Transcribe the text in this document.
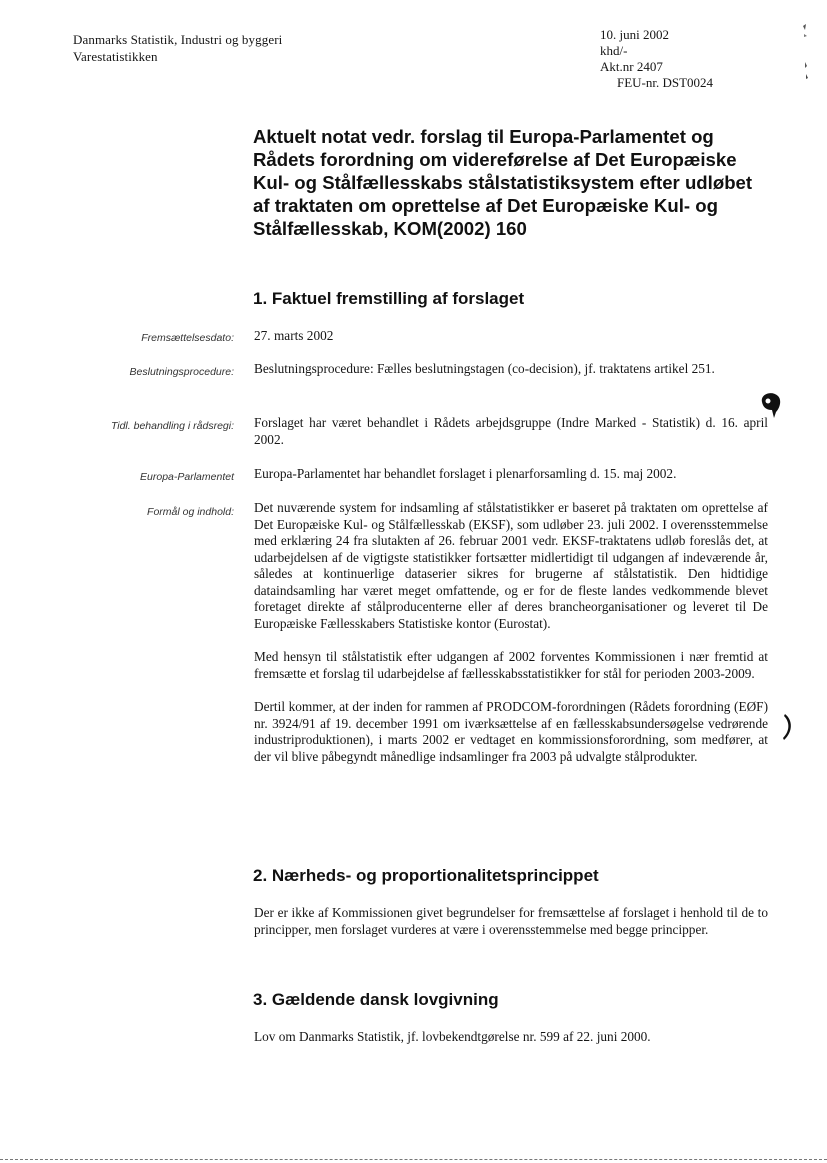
Danmarks Statistik, Industri og byggeri
Varestatistikken
10. juni 2002
khd/-
Akt.nr 2407
FEU-nr. DST0024
Aktuelt notat vedr. forslag til Europa-Parlamentet og Rådets forordning om videreførelse af Det Europæiske Kul- og Stålfællesskabs stålstatistiksystem efter udløbet af traktaten om oprettelse af Det Europæiske Kul- og Stålfællesskab, KOM(2002) 160
1. Faktuel fremstilling af forslaget
Fremsættelsesdato: 27. marts 2002
Beslutningsprocedure: Beslutningsprocedure: Fælles beslutningstagen (co-decision), jf. traktatens artikel 251.
Tidl. behandling i rådsregi: Forslaget har været behandlet i Rådets arbejdsgruppe (Indre Marked - Statistik) d. 16. april 2002.
Europa-Parlamentet Europa-Parlamentet har behandlet forslaget i plenarforsamling d. 15. maj 2002.
Formål og indhold: Det nuværende system for indsamling af stålstatistikker er baseret på traktaten om oprettelse af Det Europæiske Kul- og Stålfællesskab (EKSF), som udløber 23. juli 2002. I overensstemmelse med erklæring 24 fra slutakten af 26. februar 2001 vedr. EKSF-traktatens udløb foreslås det, at udarbejdelsen af de vigtigste statistikker fortsætter midlertidigt til udgangen af indeværende år, således at kontinuerlige dataserier sikres for brugerne af stålstatistik. Den hidtidige dataindsamling har været meget omfattende, og er for de fleste landes vedkommende blevet foretaget direkte af stålproducenterne eller af deres brancheorganisationer og leveret til De Europæiske Fællesskabers Statistiske kontor (Eurostat).

Med hensyn til stålstatistik efter udgangen af 2002 forventes Kommissionen i nær fremtid at fremsætte et forslag til udarbejdelse af fællesskabsstatistikker for stål for perioden 2003-2009.

Dertil kommer, at der inden for rammen af PRODCOM-forordningen (Rådets forordning (EØF) nr. 3924/91 af 19. december 1991 om iværksættelse af en fællesskabsundersøgelse vedrørende industriproduktionen), i marts 2002 er vedtaget en kommissionsforordning, som medfører, at der vil blive påbegyndt månedlige indsamlinger fra 2003 på udvalgte stålprodukter.

2. Nærheds- og proportionalitetsprincippet
Der er ikke af Kommissionen givet begrundelser for fremsættelse af forslaget i henhold til de to principper, men forslaget vurderes at være i overensstemmelse med begge principper.
3. Gældende dansk lovgivning
Lov om Danmarks Statistik, jf. lovbekendtgørelse nr. 599 af 22. juni 2000.
